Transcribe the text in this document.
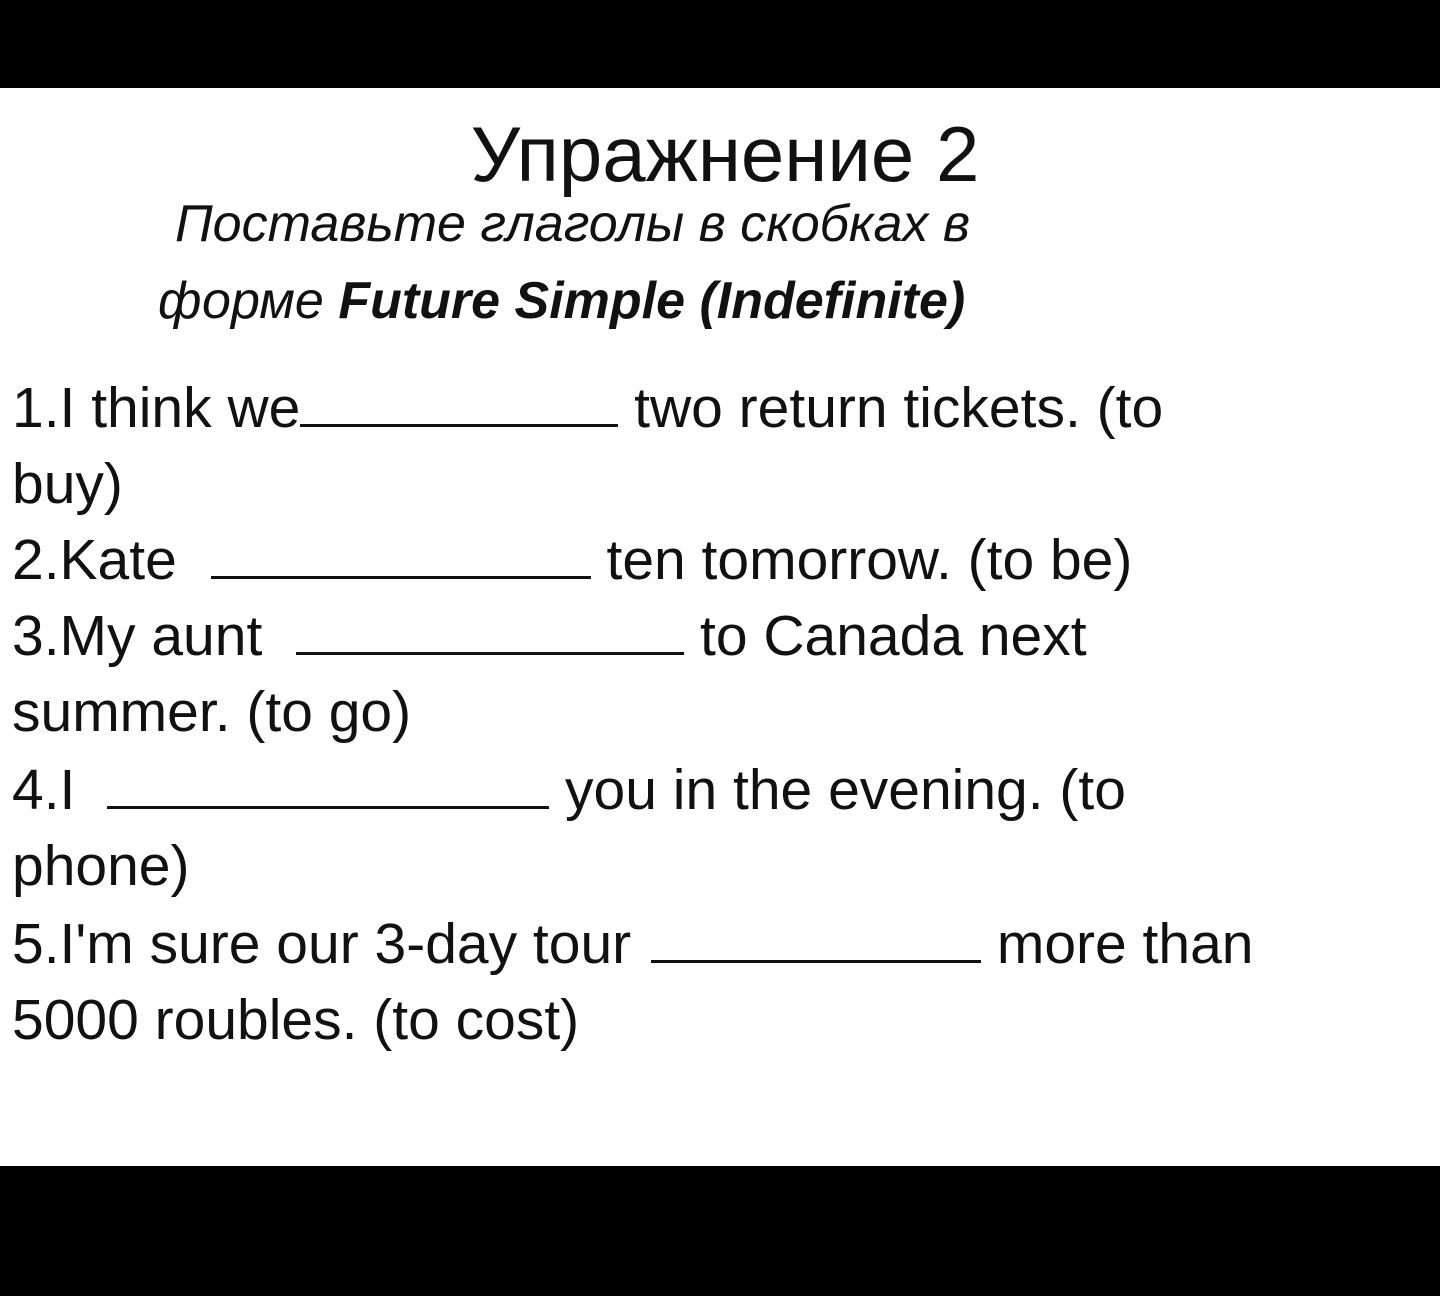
Упражнение 2
Поставьте глаголы в скобках в
форме Future Simple (Indefinite)
1.I think we	two return tickets. (to
buy)
2.Kate	ten tomorrow. (to be)
3.My aunt	to Canada next
summer. (to go)
4.I	you in the evening. (to
phone)
5.I'm sure our 3-day tour	more than
5000 roubles. (to cost)
